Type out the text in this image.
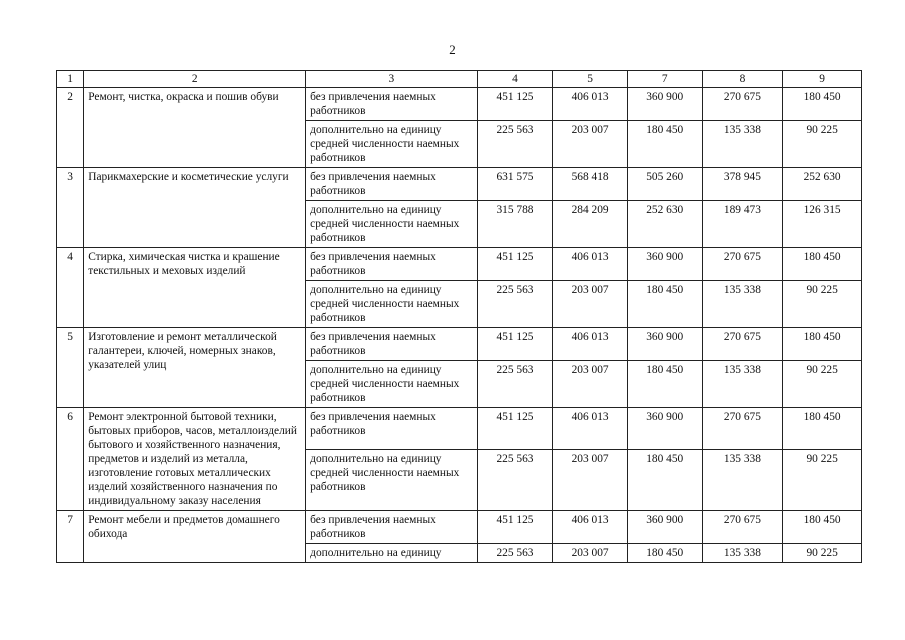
2
1	2	3	4	5	7	8	9
2	Ремонт, чистка, окраска и пошив обуви	без привлечения наемных работников	451 125	406 013	360 900	270 675	180 450
		дополнительно на единицу средней численности наемных работников	225 563	203 007	180 450	135 338	90 225
3	Парикмахерские и косметические услуги	без привлечения наемных работников	631 575	568 418	505 260	378 945	252 630
		дополнительно на единицу средней численности наемных работников	315 788	284 209	252 630	189 473	126 315
4	Стирка, химическая чистка и крашение текстильных и меховых изделий	без привлечения наемных работников	451 125	406 013	360 900	270 675	180 450
		дополнительно на единицу средней численности наемных работников	225 563	203 007	180 450	135 338	90 225
5	Изготовление и ремонт металлической галантереи, ключей, номерных знаков, указателей улиц	без привлечения наемных работников	451 125	406 013	360 900	270 675	180 450
		дополнительно на единицу средней численности наемных работников	225 563	203 007	180 450	135 338	90 225
6	Ремонт электронной бытовой техники, бытовых приборов, часов, металлоизделий бытового и хозяйственного назначения, предметов и изделий из металла, изготовление готовых металлических изделий хозяйственного назначения по индивидуальному заказу населения	без привлечения наемных работников	451 125	406 013	360 900	270 675	180 450
		дополнительно на единицу средней численности наемных работников	225 563	203 007	180 450	135 338	90 225
7	Ремонт мебели и предметов домашнего обихода	без привлечения наемных работников	451 125	406 013	360 900	270 675	180 450
		дополнительно на единицу	225 563	203 007	180 450	135 338	90 225
